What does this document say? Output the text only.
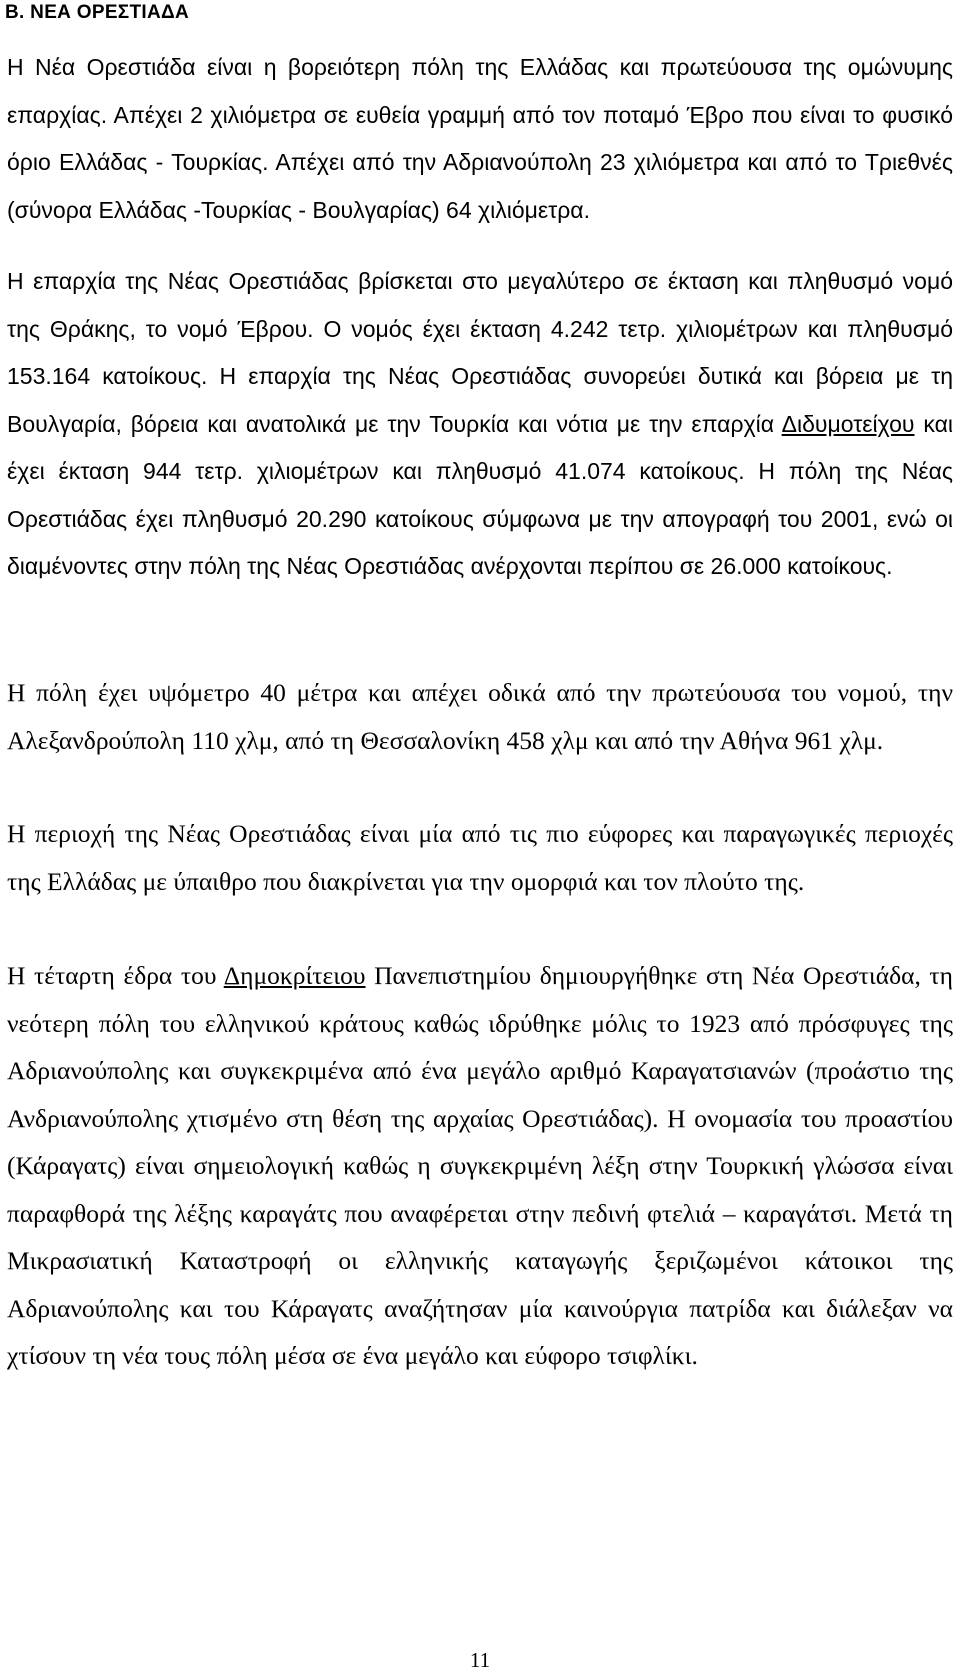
Β. ΝΕΑ ΟΡΕΣΤΙΑΔΑ

Η Νέα Ορεστιάδα είναι η βορειότερη πόλη της Ελλάδας και πρωτεύουσα της ομώνυμης επαρχίας. Απέχει 2 χιλιόμετρα σε ευθεία γραμμή από τον ποταμό Έβρο που είναι το φυσικό όριο Ελλάδας - Τουρκίας. Απέχει από την Αδριανούπολη 23 χιλιόμετρα και από το Τριεθνές (σύνορα Ελλάδας -Τουρκίας - Βουλγαρίας) 64 χιλιόμετρα.

Η επαρχία της Νέας Ορεστιάδας βρίσκεται στο μεγαλύτερο σε έκταση και πληθυσμό νομό της Θράκης, το νομό Έβρου. Ο νομός έχει έκταση 4.242 τετρ. χιλιομέτρων και πληθυσμό 153.164 κατοίκους. Η επαρχία της Νέας Ορεστιάδας συνορεύει δυτικά και βόρεια με τη Βουλγαρία, βόρεια και ανατολικά με την Τουρκία και νότια με την επαρχία Διδυμοτείχου και έχει έκταση 944 τετρ. χιλιομέτρων και πληθυσμό 41.074 κατοίκους. Η πόλη της Νέας Ορεστιάδας έχει πληθυσμό 20.290 κατοίκους σύμφωνα με την απογραφή του 2001, ενώ οι διαμένοντες στην πόλη της Νέας Ορεστιάδας ανέρχονται περίπου σε 26.000 κατοίκους.

Η πόλη έχει υψόμετρο 40 μέτρα και απέχει οδικά από την πρωτεύουσα του νομού, την Αλεξανδρούπολη 110 χλμ, από τη Θεσσαλονίκη 458 χλμ και από την Αθήνα 961 χλμ.

Η περιοχή της Νέας Ορεστιάδας είναι μία από τις πιο εύφορες και παραγωγικές περιοχές της Ελλάδας με ύπαιθρο που διακρίνεται για την ομορφιά και τον πλούτο της.

Η τέταρτη έδρα του Δημοκρίτειου Πανεπιστημίου δημιουργήθηκε στη Νέα Ορεστιάδα, τη νεότερη πόλη του ελληνικού κράτους καθώς ιδρύθηκε μόλις το 1923 από πρόσφυγες της Αδριανούπολης και συγκεκριμένα από ένα μεγάλο αριθμό Καραγατσιανών (προάστιο της Ανδριανούπολης χτισμένο στη θέση της αρχαίας Ορεστιάδας). Η ονομασία του προαστίου (Κάραγατς) είναι σημειολογική καθώς η συγκεκριμένη λέξη στην Τουρκική γλώσσα είναι παραφθορά της λέξης καραγάτς που αναφέρεται στην πεδινή φτελιά – καραγάτσι. Μετά τη Μικρασιατική Καταστροφή οι ελληνικής καταγωγής ξεριζωμένοι κάτοικοι της Αδριανούπολης και του Κάραγατς αναζήτησαν μία καινούργια πατρίδα και διάλεξαν να χτίσουν τη νέα τους πόλη μέσα σε ένα μεγάλο και εύφορο τσιφλίκι.

11
